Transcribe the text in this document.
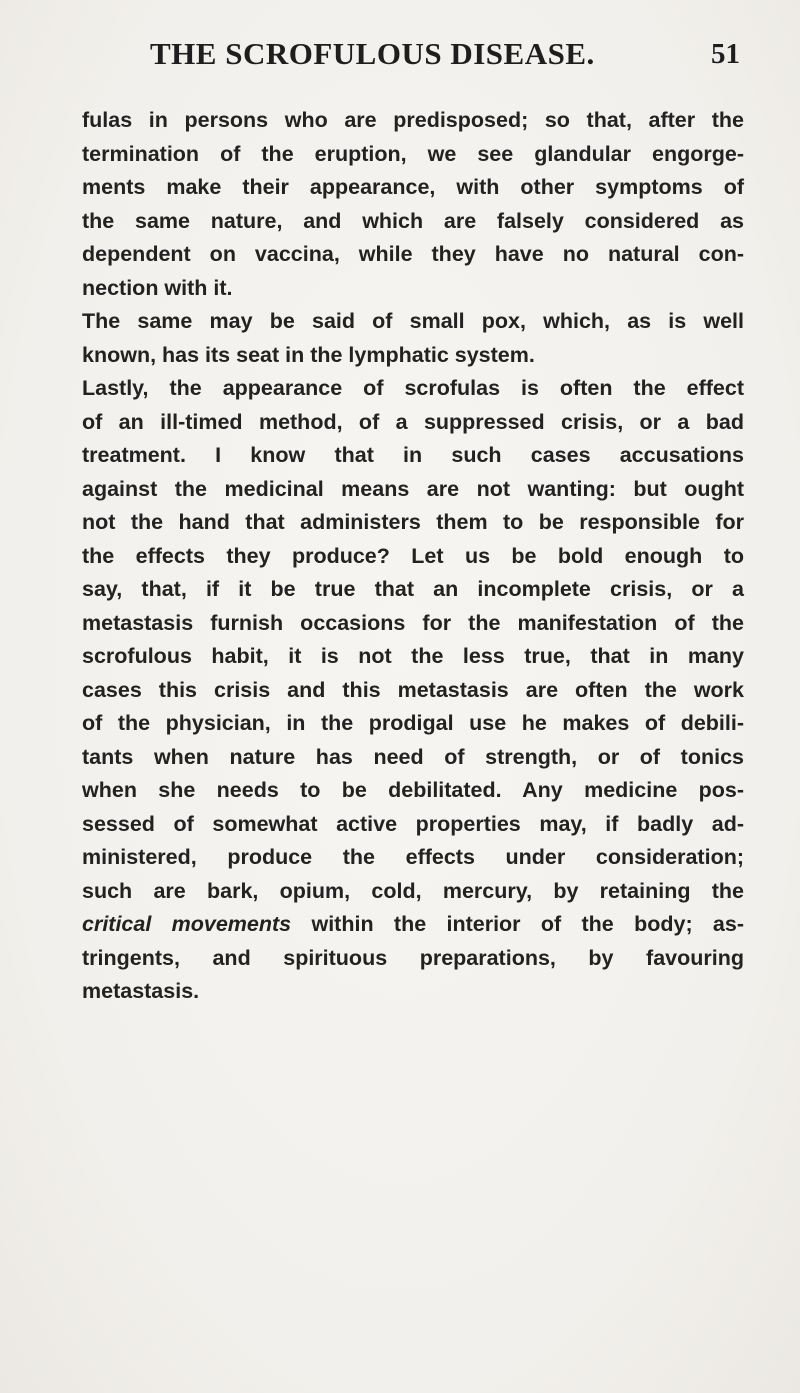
THE SCROFULOUS DISEASE.	51
fulas in persons who are predisposed; so that, after the
termination of the eruption, we see glandular engorge-
ments make their appearance, with other symptoms of
the same nature, and which are falsely considered as
dependent on vaccina, while they have no natural con-
nection with it.
The same may be said of small pox, which, as is well
known, has its seat in the lymphatic system.
Lastly, the appearance of scrofulas is often the effect
of an ill-timed method, of a suppressed crisis, or a bad
treatment. I know that in such cases accusations
against the medicinal means are not wanting: but ought
not the hand that administers them to be responsible for
the effects they produce? Let us be bold enough to
say, that, if it be true that an incomplete crisis, or a
metastasis furnish occasions for the manifestation of the
scrofulous habit, it is not the less true, that in many
cases this crisis and this metastasis are often the work
of the physician, in the prodigal use he makes of debili-
tants when nature has need of strength, or of tonics
when she needs to be debilitated. Any medicine pos-
sessed of somewhat active properties may, if badly ad-
ministered, produce the effects under consideration;
such are bark, opium, cold, mercury, by retaining the
critical movements within the interior of the body; as-
tringents, and spirituous preparations, by favouring
metastasis.
